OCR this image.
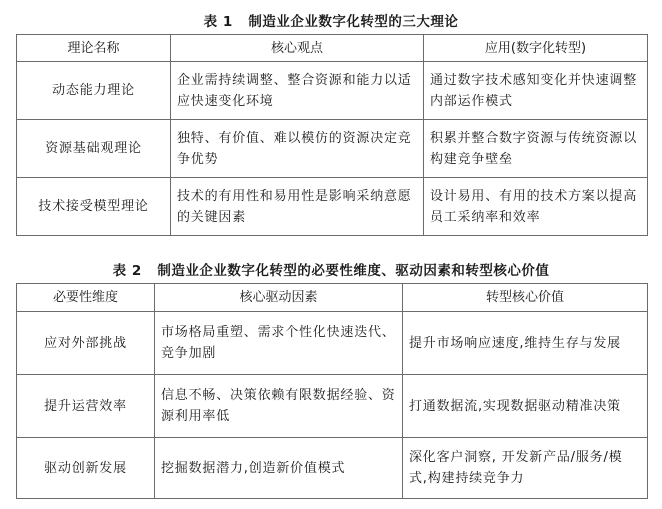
表 1 制造业企业数字化转型的三大理论
理论名称	核心观点	应用(数字化转型)
动态能力理论	企业需持续调整、整合资源和能力以适应快速变化环境	通过数字技术感知变化并快速调整内部运作模式
资源基础观理论	独特、有价值、难以模仿的资源决定竞争优势	积累并整合数字资源与传统资源以构建竞争壁垒
技术接受模型理论	技术的有用性和易用性是影响采纳意愿的关键因素	设计易用、有用的技术方案以提高员工采纳率和效率
表 2 制造业企业数字化转型的必要性维度、驱动因素和转型核心价值
必要性维度	核心驱动因素	转型核心价值
应对外部挑战	市场格局重塑、需求个性化快速迭代、竞争加剧	提升市场响应速度,维持生存与发展
提升运营效率	信息不畅、决策依赖有限数据经验、资源利用率低	打通数据流,实现数据驱动精准决策
驱动创新发展	挖掘数据潜力,创造新价值模式	深化客户洞察, 开发新产品/服务/模式,构建持续竞争力
